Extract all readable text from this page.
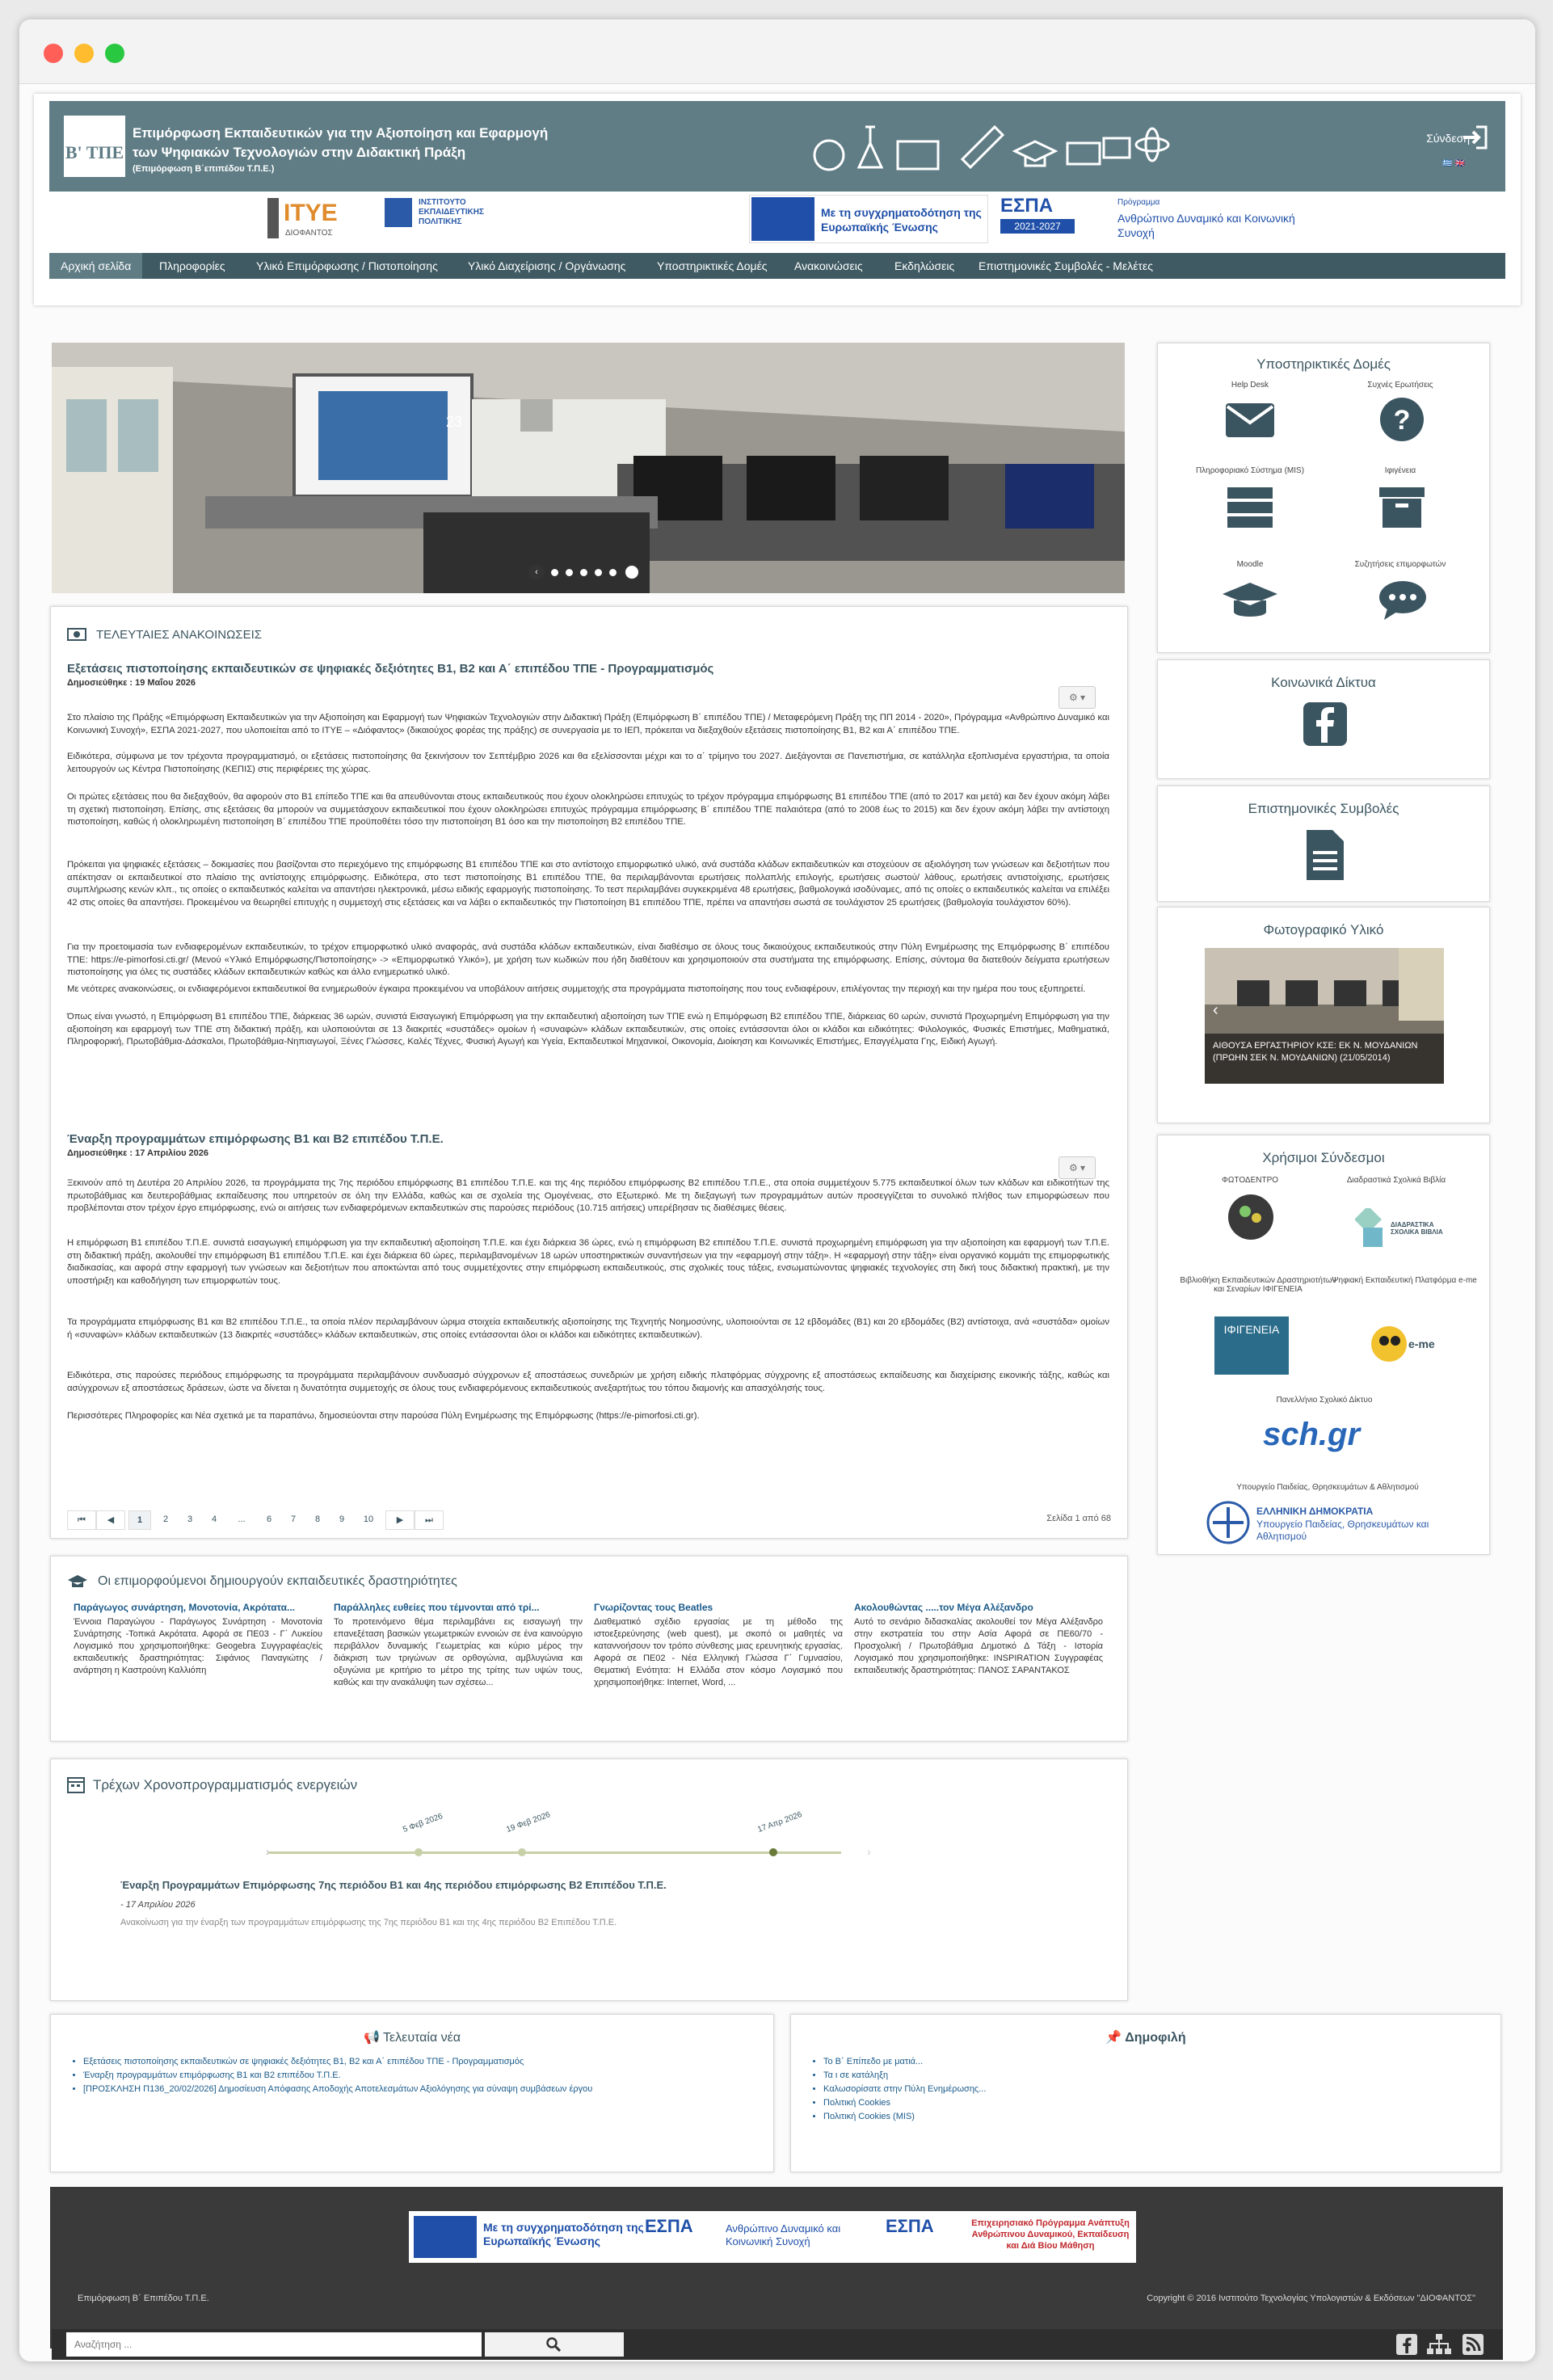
Β' ΤΠΕ
Επιμόρφωση Εκπαιδευτικών για την Αξιοποίηση και Εφαρμογή
των Ψηφιακών Τεχνολογιών στην Διδακτική Πράξη
(Επιμόρφωση Β΄επιπέδου Τ.Π.Ε.)
Σύνδεση
🇬🇷 🇬🇧
ΙΤΥΕ
ΔΙΟΦΑΝΤΟΣ
ΙΝΣΤΙΤΟΥΤΟ ΕΚΠΑΙΔΕΥΤΙΚΗΣ ΠΟΛΙΤΙΚΗΣ
Με τη συγχρηματοδότηση της Ευρωπαϊκής Ένωσης
ΕΣΠΑ
2021-2027
Πρόγραμμα
Ανθρώπινο Δυναμικό και Κοινωνική Συνοχή
Αρχική σελίδα	Πληροφορίες	Υλικό Επιμόρφωσης / Πιστοποίησης	Υλικό Διαχείρισης / Οργάνωσης	Υποστηρικτικές Δομές Ανακοινώσεις	Εκδηλώσεις Επιστημονικές Συμβολές - Μελέτες
23
‹
ΤΕΛΕΥΤΑΙΕΣ ΑΝΑΚΟΙΝΩΣΕΙΣ
Εξετάσεις πιστοποίησης εκπαιδευτικών σε ψηφιακές δεξιότητες Β1, Β2 και Α΄ επιπέδου ΤΠΕ - Προγραμματισμός
Δημοσιεύθηκε : 19 Μαΐου 2026
⚙ ▾
Στο πλαίσιο της Πράξης «Επιμόρφωση Εκπαιδευτικών για την Αξιοποίηση και Εφαρμογή των Ψηφιακών Τεχνολογιών στην Διδακτική Πράξη (Επιμόρφωση Β΄ επιπέδου ΤΠΕ) / Μεταφερόμενη Πράξη της ΠΠ 2014 - 2020», Πρόγραμμα «Ανθρώπινο Δυναμικό και Κοινωνική Συνοχή», ΕΣΠΑ 2021-2027, που υλοποιείται από το ΙΤΥΕ – «Διόφαντος» (δικαιούχος φορέας της πράξης) σε συνεργασία με το ΙΕΠ, πρόκειται να διεξαχθούν εξετάσεις πιστοποίησης Β1, Β2 και Α΄ επιπέδου ΤΠΕ.
Ειδικότερα, σύμφωνα με τον τρέχοντα προγραμματισμό, οι εξετάσεις πιστοποίησης θα ξεκινήσουν τον Σεπτέμβριο 2026 και θα εξελίσσονται μέχρι και το α΄ τρίμηνο του 2027. Διεξάγονται σε Πανεπιστήμια, σε κατάλληλα εξοπλισμένα εργαστήρια, τα οποία λειτουργούν ως Κέντρα Πιστοποίησης (ΚΕΠΙΣ) στις περιφέρειες της χώρας.
Οι πρώτες εξετάσεις που θα διεξαχθούν, θα αφορούν στο Β1 επίπεδο ΤΠΕ και θα απευθύνονται στους εκπαιδευτικούς που έχουν ολοκληρώσει επιτυχώς το τρέχον πρόγραμμα επιμόρφωσης Β1 επιπέδου ΤΠΕ (από το 2017 και μετά) και δεν έχουν ακόμη λάβει τη σχετική πιστοποίηση. Επίσης, στις εξετάσεις θα μπορούν να συμμετάσχουν εκπαιδευτικοί που έχουν ολοκληρώσει επιτυχώς πρόγραμμα επιμόρφωσης Β΄ επιπέδου ΤΠΕ παλαιότερα (από το 2008 έως το 2015) και δεν έχουν ακόμη λάβει την αντίστοιχη πιστοποίηση, καθώς ή ολοκληρωμένη πιστοποίηση Β΄ επιπέδου ΤΠΕ προϋποθέτει τόσο την πιστοποίηση Β1 όσο και την πιστοποίηση Β2 επιπέδου ΤΠΕ.
Πρόκειται για ψηφιακές εξετάσεις – δοκιμασίες που βασίζονται στο περιεχόμενο της επιμόρφωσης Β1 επιπέδου ΤΠΕ και στο αντίστοιχο επιμορφωτικό υλικό, ανά συστάδα κλάδων εκπαιδευτικών και στοχεύουν σε αξιολόγηση των γνώσεων και δεξιοτήτων που απέκτησαν οι εκπαιδευτικοί στο πλαίσιο της αντίστοιχης επιμόρφωσης. Ειδικότερα, στο τεστ πιστοποίησης Β1 επιπέδου ΤΠΕ, θα περιλαμβάνονται ερωτήσεις πολλαπλής επιλογής, ερωτήσεις σωστού/ λάθους, ερωτήσεις αντιστοίχισης, ερωτήσεις συμπλήρωσης κενών κλπ., τις οποίες ο εκπαιδευτικός καλείται να απαντήσει ηλεκτρονικά, μέσω ειδικής εφαρμογής πιστοποίησης. Το τεστ περιλαμβάνει συγκεκριμένα 48 ερωτήσεις, βαθμολογικά ισοδύναμες, από τις οποίες ο εκπαιδευτικός καλείται να επιλέξει 42 στις οποίες θα απαντήσει. Προκειμένου να θεωρηθεί επιτυχής η συμμετοχή στις εξετάσεις και να λάβει ο εκπαιδευτικός την Πιστοποίηση Β1 επιπέδου ΤΠΕ, πρέπει να απαντήσει σωστά σε τουλάχιστον 25 ερωτήσεις (βαθμολογία τουλάχιστον 60%).
Για την προετοιμασία των ενδιαφερομένων εκπαιδευτικών, το τρέχον επιμορφωτικό υλικό αναφοράς, ανά συστάδα κλάδων εκπαιδευτικών, είναι διαθέσιμο σε όλους τους δικαιούχους εκπαιδευτικούς στην Πύλη Ενημέρωσης της Επιμόρφωσης Β΄ επιπέδου ΤΠΕ: https://e-pimorfosi.cti.gr/ (Μενού «Υλικό Επιμόρφωσης/Πιστοποίησης» -> «Επιμορφωτικό Υλικό»), με χρήση των κωδικών που ήδη διαθέτουν και χρησιμοποιούν στα συστήματα της επιμόρφωσης. Επίσης, σύντομα θα διατεθούν δείγματα ερωτήσεων πιστοποίησης για όλες τις συστάδες κλάδων εκπαιδευτικών καθώς και άλλο ενημερωτικό υλικό.
Με νεότερες ανακοινώσεις, οι ενδιαφερόμενοι εκπαιδευτικοί θα ενημερωθούν έγκαιρα προκειμένου να υποβάλουν αιτήσεις συμμετοχής στα προγράμματα πιστοποίησης που τους ενδιαφέρουν, επιλέγοντας την περιοχή και την ημέρα που τους εξυπηρετεί.
Όπως είναι γνωστό, η Επιμόρφωση Β1 επιπέδου ΤΠΕ, διάρκειας 36 ωρών, συνιστά Εισαγωγική Επιμόρφωση για την εκπαιδευτική αξιοποίηση των ΤΠΕ ενώ η Επιμόρφωση Β2 επιπέδου ΤΠΕ, διάρκειας 60 ωρών, συνιστά Προχωρημένη Επιμόρφωση για την αξιοποίηση και εφαρμογή των ΤΠΕ στη διδακτική πράξη, και υλοποιούνται σε 13 διακριτές «συστάδες» ομοίων ή «συναφών» κλάδων εκπαιδευτικών, στις οποίες εντάσσονται όλοι οι κλάδοι και ειδικότητες: Φιλολογικός, Φυσικές Επιστήμες, Μαθηματικά, Πληροφορική, Πρωτοβάθμια-Δάσκαλοι, Πρωτοβάθμια-Νηπιαγωγοί, Ξένες Γλώσσες, Καλές Τέχνες, Φυσική Αγωγή και Υγεία, Εκπαιδευτικοί Μηχανικοί, Οικονομία, Διοίκηση και Κοινωνικές Επιστήμες, Επαγγέλματα Γης, Ειδική Αγωγή.
Έναρξη προγραμμάτων επιμόρφωσης Β1 και Β2 επιπέδου Τ.Π.Ε.
Δημοσιεύθηκε : 17 Απριλίου 2026
⚙ ▾
Ξεκινούν από τη Δευτέρα 20 Απριλίου 2026, τα προγράμματα της 7ης περιόδου επιμόρφωσης Β1 επιπέδου Τ.Π.Ε. και της 4ης περιόδου επιμόρφωσης Β2 επιπέδου Τ.Π.Ε., στα οποία συμμετέχουν 5.775 εκπαιδευτικοί όλων των κλάδων και ειδικοτήτων της πρωτοβάθμιας και δευτεροβάθμιας εκπαίδευσης που υπηρετούν σε όλη την Ελλάδα, καθώς και σε σχολεία της Ομογένειας, στο Εξωτερικό. Με τη διεξαγωγή των προγραμμάτων αυτών προσεγγίζεται το συνολικό πλήθος των επιμορφώσεων που προβλέπονται στον τρέχον έργο επιμόρφωσης, ενώ οι αιτήσεις των ενδιαφερόμενων εκπαιδευτικών στις παρούσες περιόδους (10.715 αιτήσεις) υπερέβησαν τις διαθέσιμες θέσεις.
Η επιμόρφωση Β1 επιπέδου Τ.Π.Ε. συνιστά εισαγωγική επιμόρφωση για την εκπαιδευτική αξιοποίηση Τ.Π.Ε. και έχει διάρκεια 36 ώρες, ενώ η επιμόρφωση Β2 επιπέδου Τ.Π.Ε. συνιστά προχωρημένη επιμόρφωση για την αξιοποίηση και εφαρμογή των Τ.Π.Ε. στη διδακτική πράξη, ακολουθεί την επιμόρφωση Β1 επιπέδου Τ.Π.Ε. και έχει διάρκεια 60 ώρες, περιλαμβανομένων 18 ωρών υποστηρικτικών συναντήσεων για την «εφαρμογή στην τάξη». Η «εφαρμογή στην τάξη» είναι οργανικό κομμάτι της επιμορφωτικής διαδικασίας, και αφορά στην εφαρμογή των γνώσεων και δεξιοτήτων που αποκτώνται από τους συμμετέχοντες στην επιμόρφωση εκπαιδευτικούς, στις σχολικές τους τάξεις, ενσωματώνοντας ψηφιακές τεχνολογίες στη δική τους διδακτική πρακτική, με την υποστήριξη και καθοδήγηση των επιμορφωτών τους.
Τα προγράμματα επιμόρφωσης Β1 και Β2 επιπέδου Τ.Π.Ε., τα οποία πλέον περιλαμβάνουν ώριμα στοιχεία εκπαιδευτικής αξιοποίησης της Τεχνητής Νοημοσύνης, υλοποιούνται σε 12 εβδομάδες (Β1) και 20 εβδομάδες (Β2) αντίστοιχα, ανά «συστάδα» ομοίων ή «συναφών» κλάδων εκπαιδευτικών (13 διακριτές «συστάδες» κλάδων εκπαιδευτικών, στις οποίες εντάσσονται όλοι οι κλάδοι και ειδικότητες εκπαιδευτικών).
Ειδικότερα, στις παρούσες περιόδους επιμόρφωσης τα προγράμματα περιλαμβάνουν συνδυασμό σύγχρονων εξ αποστάσεως συνεδριών με χρήση ειδικής πλατφόρμας σύγχρονης εξ αποστάσεως εκπαίδευσης και διαχείρισης εικονικής τάξης, καθώς και ασύγχρονων εξ αποστάσεως δράσεων, ώστε να δίνεται η δυνατότητα συμμετοχής σε όλους τους ενδιαφερόμενους εκπαιδευτικούς ανεξαρτήτως του τόπου διαμονής και απασχόλησής τους.
Περισσότερες Πληροφορίες και Νέα σχετικά με τα παραπάνω, δημοσιεύονται στην παρούσα Πύλη Ενημέρωσης της Επιμόρφωσης (https://e-pimorfosi.cti.gr).
⏮	◀	1	2	3	4	...	6	7	8	9	10	▶	⏭	Σελίδα 1 από 68
Οι επιμορφούμενοι δημιουργούν εκπαιδευτικές δραστηριότητες
Παράγωγος συνάρτηση, Μονοτονία, Ακρότατα...
Έννοια Παραγώγου - Παράγωγος Συνάρτηση - Μονοτονία Συνάρτησης -Τοπικά Ακρότατα. Αφορά σε ΠΕ03 - Γ΄ Λυκείου Λογισμικό που χρησιμοποιήθηκε: Geogebra Συγγραφέας/είς εκπαιδευτικής δραστηριότητας: Σιφάνιος Παναγιώτης /ανάρτηση η Καστρούνη Καλλιόπη
Παράλληλες ευθείες που τέμνονται από τρί...
Το προτεινόμενο θέμα περιλαμβάνει εις εισαγωγή την επανεξέταση βασικών γεωμετρικών εννοιών σε ένα καινούργιο περιβάλλον δυναμικής Γεωμετρίας και κύριο μέρος την διάκριση των τριγώνων σε ορθογώνια, αμβλυγώνια και οξυγώνια με κριτήριο το μέτρο της τρίτης των υψών τους, καθώς και την ανακάλυψη των σχέσεω...
Γνωρίζοντας τους Beatles
Διαθεματικό σχέδιο εργασίας με τη μέθοδο της ιστοεξερεύνησης (web quest), με σκοπό οι μαθητές να καταννοήσουν τον τρόπο σύνθεσης μιας ερευνητικής εργασίας. Αφορά σε ΠΕ02 - Νέα Ελληνική Γλώσσα Γ΄ Γυμνασίου, Θεματική Ενότητα: Η Ελλάδα στον κόσμο Λογισμικό που χρησιμοποιήθηκε: Internet, Word, ...
Ακολουθώντας .....τον Μέγα Αλέξανδρο
Αυτό το σενάριο διδασκαλίας ακολουθεί τον Μέγα Αλέξανδρο στην εκστρατεία του στην Ασία Αφορά σε ΠΕ60/70 - Προσχολική / Πρωτοβάθμια Δημοτικό Δ Τάξη - Ιστορία Λογισμικό που χρησιμοποιήθηκε: INSPIRATION Συγγραφέας εκπαιδευτικής δραστηριότητας: ΠΑΝΟΣ ΣΑΡΑΝΤΑΚΟΣ
Τρέχων Χρονοπρογραμματισμός ενεργειών
5 Φεβ 2026	19 Φεβ 2026	17 Απρ 2026
›	›
Έναρξη Προγραμμάτων Επιμόρφωσης 7ης περιόδου Β1 και 4ης περιόδου επιμόρφωσης Β2 Επιπέδου Τ.Π.Ε.
- 17 Απριλίου 2026
Ανακοίνωση για την έναρξη των προγραμμάτων επιμόρφωσης της 7ης περιόδου Β1 και της 4ης περιόδου Β2 Επιπέδου Τ.Π.Ε.
📢 Τελευταία νέα
• Εξετάσεις πιστοποίησης εκπαιδευτικών σε ψηφιακές δεξιότητες Β1, Β2 και Α΄ επιπέδου ΤΠΕ - Προγραμματισμός
• Έναρξη προγραμμάτων επιμόρφωσης Β1 και Β2 επιπέδου Τ.Π.Ε.
• [ΠΡΟΣΚΛΗΣΗ Π136_20/02/2026] Δημοσίευση Απόφασης Αποδοχής Αποτελεσμάτων Αξιολόγησης για σύναψη συμβάσεων έργου
📌 Δημοφιλή
• Το Β΄ Επίπεδο με ματιά...
• Τα ι σε κατάληξη
• Καλωσορίσατε στην Πύλη Ενημέρωσης...
• Πολιτική Cookies
• Πολιτική Cookies (MIS)
Υποστηρικτικές Δομές
Help Desk	Συχνές Ερωτήσεις
?
Πληροφοριακό Σύστημα (MIS)	Ιφιγένεια
Moodle	Συζητήσεις επιμορφωτών
Κοινωνικά Δίκτυα
Επιστημονικές Συμβολές
Φωτογραφικό Υλικό
‹
ΑΙΘΟΥΣΑ ΕΡΓΑΣΤΗΡΙΟΥ ΚΣΕ: ΕΚ Ν. ΜΟΥΔΑΝΙΩΝ (ΠΡΩΗΝ ΣΕΚ Ν. ΜΟΥΔΑΝΙΩΝ) (21/05/2014)
Χρήσιμοι Σύνδεσμοι
ΦΩΤΟΔΕΝΤΡΟ	Διαδραστικά Σχολικά Βιβλία
ΔΙΑΔΡΑΣΤΙΚΑ ΣΧΟΛΙΚΑ ΒΙΒΛΙΑ
Βιβλιοθήκη Εκπαιδευτικών Δραστηριοτήτων και Σεναρίων ΙΦΙΓΕΝΕΙΑ
Ψηφιακή Εκπαιδευτική Πλατφόρμα e-me
ΙΦΙΓΕΝΕΙΑ
e-me
Πανελλήνιο Σχολικό Δίκτυο
sch.gr
Υπουργείο Παιδείας, Θρησκευμάτων & Αθλητισμού
ΕΛΛΗΝΙΚΗ ΔΗΜΟΚΡΑΤΙΑ
Υπουργείο Παιδείας, Θρησκευμάτων και Αθλητισμού
Με τη συγχρηματοδότηση της Ευρωπαϊκής Ένωσης
ΕΣΠΑ	Ανθρώπινο Δυναμικό και Κοινωνική Συνοχή
ΕΣΠΑ	Επιχειρησιακό Πρόγραμμα Ανάπτυξη Ανθρώπινου Δυναμικού, Εκπαίδευση και Διά Βίου Μάθηση
Επιμόρφωση Β΄ Επιπέδου Τ.Π.Ε.	Copyright © 2016 Ινστιτούτο Τεχνολογίας Υπολογιστών & Εκδόσεων "ΔΙΟΦΑΝΤΟΣ"
Αναζήτηση ...
